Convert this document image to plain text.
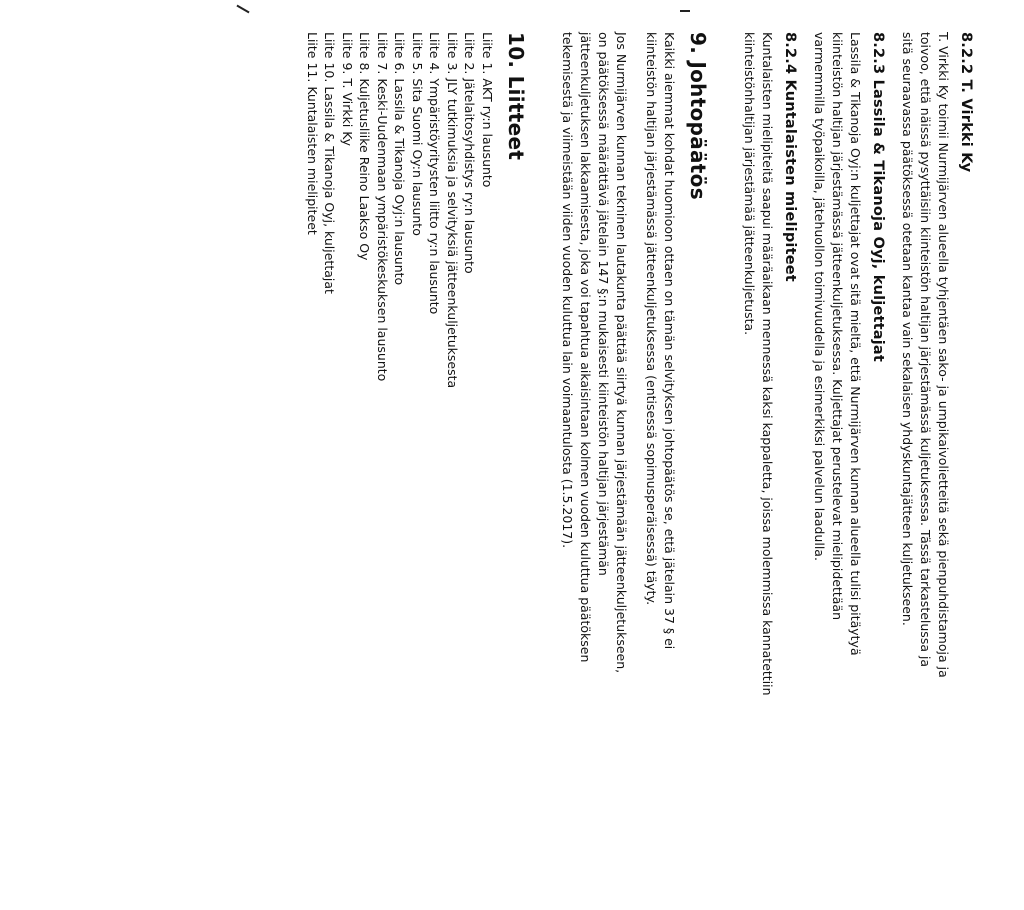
8.2.2 T. Virkki Ky
T. Virkki Ky toimii Nurmijärven alueella tyhjentäen sako- ja umpikaivolietteitä sekä pienpuhdistamoja ja
toivoo, että näissä pysyttäisiin kiinteistön haltijan järjestämässä kuljetuksessa. Tässä tarkastelussa ja
sitä seuraavassa päätöksessä otetaan kantaa vain sekalaisen yhdyskuntajätteen kuljetukseen.
8.2.3 Lassila & Tikanoja Oyj, kuljettajat
Lassila & Tikanoja Oyj:n kuljettajat ovat sitä mieltä, että Nurmijärven kunnan alueella tulisi pitäytyä
kiinteistön haltijan järjestämässä jätteenkuljetuksessa. Kuljettajat perustelevat mielipidettään
varmemmilla työpaikoilla, jätehuollon toimivuudella ja esimerkiksi palvelun laadulla.
8.2.4 Kuntalaisten mielipiteet
Kuntalaisten mielipiteitä saapui määräaikaan mennessä kaksi kappaletta, joissa molemmissa kannatettiin
kiinteistönhaltijan järjestämää jätteenkuljetusta.
9. Johtopäätös
Kaikki aiemmat kohdat huomioon ottaen on tämän selvityksen johtopäätös se, että jätelain 37 § ei
kiinteistön haltijan järjestämässä jätteenkuljetuksessa (entisessä sopimusperäisessä) täyty.
Jos Nurmijärven kunnan tekninen lautakunta päättää siirtyä kunnan järjestämään jätteenkuljetukseen,
on päätöksessä määrättävä jätelain 147 §:n mukaisesti kiinteistön haltijan järjestämän
jätteenkuljetuksen lakkaamisesta, joka voi tapahtua aikaisintaan kolmen vuoden kuluttua päätöksen
tekemisestä ja viimeistään viiden vuoden kuluttua lain voimaantulosta (1.5.2017).
10. Liitteet
Liite 1. AKT ry:n lausunto
Liite 2. Jätelaitosyhdistys ry:n lausunto
Liite 3. JLY tutkimuksia ja selvityksiä jätteenkuljetuksesta
Liite 4. Ympäristöyritysten liitto ry:n lausunto
Liite 5. Sita Suomi Oy:n lausunto
Liite 6. Lassila & Tikanoja Oyj:n lausunto
Liite 7. Keski-Uudenmaan ympäristökeskuksen lausunto
Liite 8. Kuljetusliike Reino Laakso Oy
Liite 9. T. Virkki Ky
Liite 10. Lassila & Tikanoja Oyj, kuljettajat
Liite 11. Kuntalaisten mielipiteet
